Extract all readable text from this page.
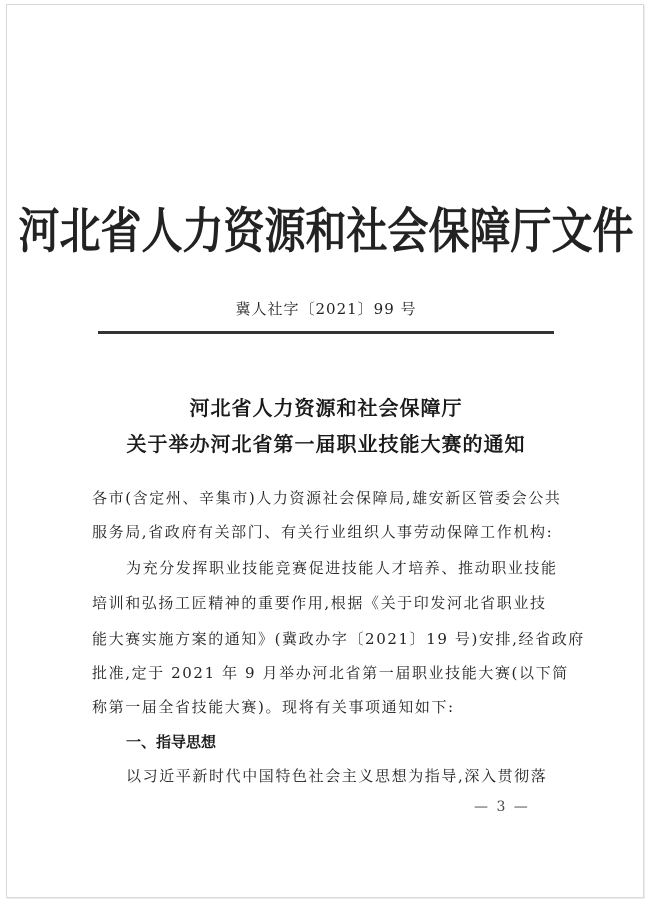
河北省人力资源和社会保障厅文件
冀人社字〔2021〕99 号
河北省人力资源和社会保障厅
关于举办河北省第一届职业技能大赛的通知
各市(含定州、辛集市)人力资源社会保障局,雄安新区管委会公共
服务局,省政府有关部门、有关行业组织人事劳动保障工作机构:
为充分发挥职业技能竞赛促进技能人才培养、推动职业技能
培训和弘扬工匠精神的重要作用,根据《关于印发河北省职业技
能大赛实施方案的通知》(冀政办字〔2021〕19 号)安排,经省政府
批准,定于 2021 年 9 月举办河北省第一届职业技能大赛(以下简
称第一届全省技能大赛)。现将有关事项通知如下:
一、指导思想
以习近平新时代中国特色社会主义思想为指导,深入贯彻落
— 3 —
